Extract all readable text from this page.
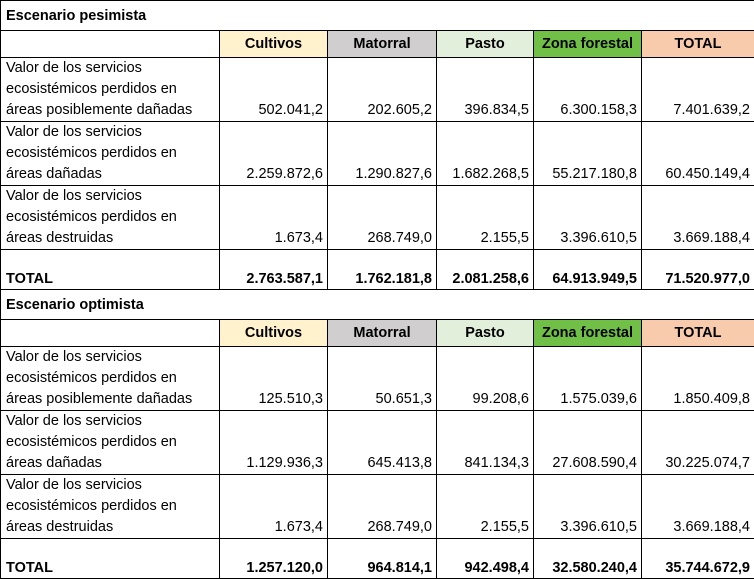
Escenario pesimista					
	Cultivos	Matorral	Pasto	Zona forestal	TOTAL
Valor de los servicios ecosistémicos perdidos en áreas posiblemente dañadas	502.041,2	202.605,2	396.834,5	6.300.158,3	7.401.639,2
Valor de los servicios ecosistémicos perdidos en áreas dañadas	2.259.872,6	1.290.827,6	1.682.268,5	55.217.180,8	60.450.149,4
Valor de los servicios ecosistémicos perdidos en áreas destruidas	1.673,4	268.749,0	2.155,5	3.396.610,5	3.669.188,4
TOTAL	2.763.587,1	1.762.181,8	2.081.258,6	64.913.949,5	71.520.977,0
Escenario optimista					
	Cultivos	Matorral	Pasto	Zona forestal	TOTAL
Valor de los servicios ecosistémicos perdidos en áreas posiblemente dañadas	125.510,3	50.651,3	99.208,6	1.575.039,6	1.850.409,8
Valor de los servicios ecosistémicos perdidos en áreas dañadas	1.129.936,3	645.413,8	841.134,3	27.608.590,4	30.225.074,7
Valor de los servicios ecosistémicos perdidos en áreas destruidas	1.673,4	268.749,0	2.155,5	3.396.610,5	3.669.188,4
TOTAL	1.257.120,0	964.814,1	942.498,4	32.580.240,4	35.744.672,9
